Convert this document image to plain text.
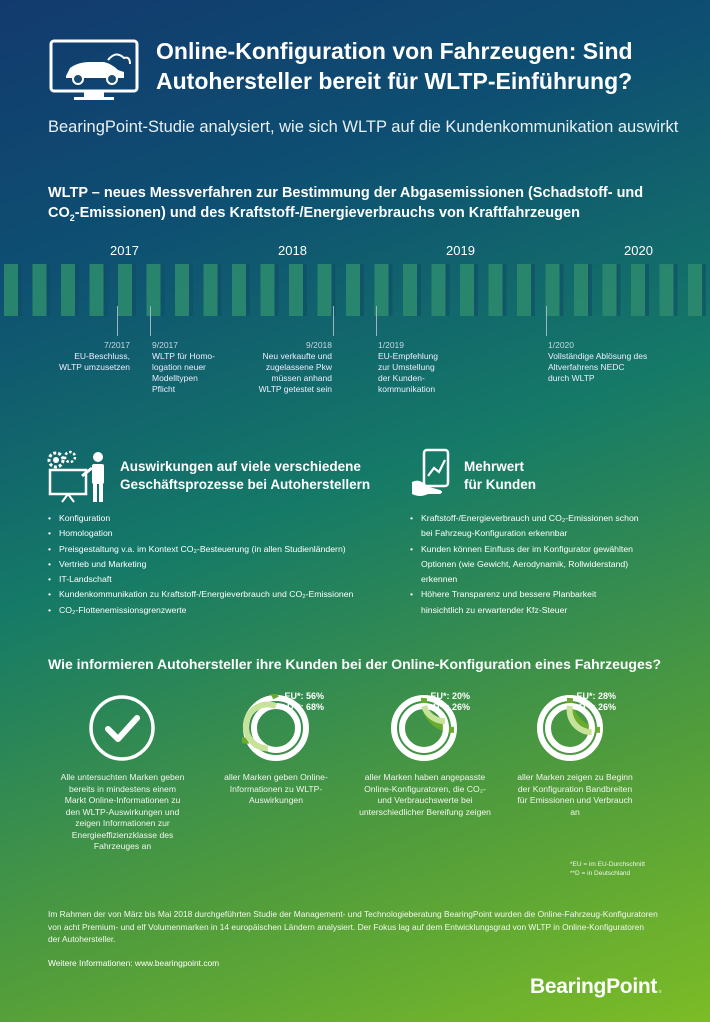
Online-Konfiguration von Fahrzeugen: Sind Autohersteller bereit für WLTP-Einführung?
BearingPoint-Studie analysiert, wie sich WLTP auf die Kundenkommunikation auswirkt
WLTP – neues Messverfahren zur Bestimmung der Abgasemissionen (Schadstoff- und $CO_2-Emissionen$) und des Kraftstoff-/Energieverbrauchs von Kraftfahrzeugen
2017	2018	2019	2020
7/2017
EU-Beschluss, WLTP umzusetzen
9/2017
WLTP für Homo- logation neuer Modelltypen Pflicht
9/2018
Neu verkaufte und zugelassene Pkw müssen anhand WLTP getestet sein
1/2019
EU-Empfehlung zur Umstellung der Kunden- kommunikation
1/2020
Vollständige Ablösung des Altverfahrens NEDC durch WLTP
Auswirkungen auf viele verschiedene
Geschäftsprozesse bei Autoherstellern
• Konfiguration
• Homologation
• Preisgestaltung v.a. im Kontext CO₂-Besteuerung (in allen Studienländern)
• Vertrieb und Marketing
• IT-Landschaft
• Kundenkommunikation zu Kraftstoff-/Energieverbrauch und CO₂-Emissionen
• CO₂-Flottenemissionsgrenzwerte
Mehrwert
für Kunden
• Kraftstoff-/Energieverbrauch und CO₂-Emissionen schon bei Fahrzeug-Konfiguration erkennbar
• Kunden können Einfluss der im Konfigurator gewählten Optionen (wie Gewicht, Aerodynamik, Rollwiderstand) erkennen
• Höhere Transparenz und bessere Planbarkeit hinsichtlich zu erwartender Kfz-Steuer
Wie informieren Autohersteller ihre Kunden bei der Online-Konfiguration eines Fahrzeuges?
Alle untersuchten Marken geben bereits in mindestens einem Markt Online-Informationen zu den WLTP-Auswirkungen und zeigen Informationen zur Energieeffizienzklasse des Fahrzeuges an
EU*: 56%
D**: 68%
aller Marken geben Online-Informationen zu WLTP-Auswirkungen
EU*: 20%
D**: 26%
aller Marken haben angepasste Online-Konfiguratoren, die CO₂- und Verbrauchswerte bei unterschiedlicher Bereifung zeigen
EU*: 28%
D**: 26%
aller Marken zeigen zu Beginn der Konfiguration Bandbreiten für Emissionen und Verbrauch an
*EU = im EU-Durchschnitt
**D = in Deutschland
Im Rahmen der von März bis Mai 2018 durchgeführten Studie der Management- und Technologieberatung BearingPoint wurden die Online-Fahrzeug-Konfiguratoren von acht Premium- und elf Volumenmarken in 14 europäischen Ländern analysiert. Der Fokus lag auf dem Entwicklungsgrad von WLTP in Online-Konfiguratoren der Autohersteller.
Weitere Informationen: www.bearingpoint.com
BearingPoint.
